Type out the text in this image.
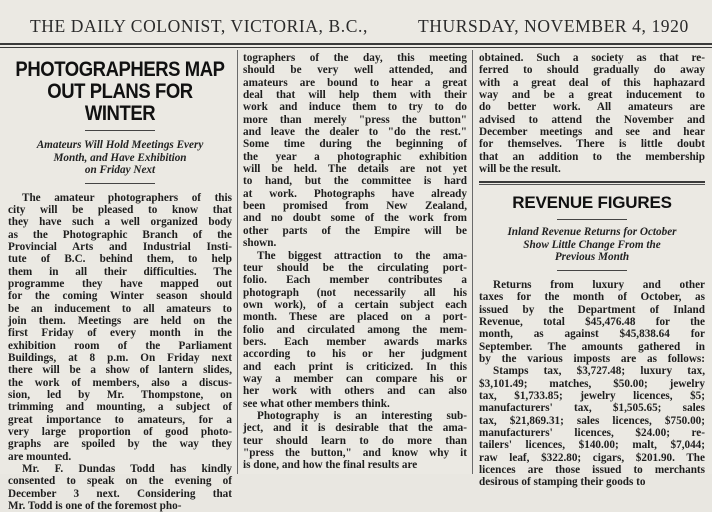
THE DAILY COLONIST, VICTORIA, B.C.,	THURSDAY, NOVEMBER 4, 1920
PHOTOGRAPHERS MAP
OUT PLANS FOR WINTER
Amateurs Will Hold Meetings Every
Month, and Have Exhibition
on Friday Next
The amateur photographers of this
city will be pleased to know that
they have such a well organized body
as the Photographic Branch of the
Provincial Arts and Industrial Insti-
tute of B.C. behind them, to help
them in all their difficulties. The
programme they have mapped out
for the coming Winter season should
be an inducement to all amateurs to
join them. Meetings are held on the
first Friday of every month in the
exhibition room of the Parliament
Buildings, at 8 p.m. On Friday next
there will be a show of lantern slides,
the work of members, also a discus-
sion, led by Mr. Thompstone, on
trimming and mounting, a subject of
great importance to amateurs, for a
very large proportion of good photo-
graphs are spoiled by the way they
are mounted.
Mr. F. Dundas Todd has kindly
consented to speak on the evening of
December 3 next. Considering that
Mr. Todd is one of the foremost pho-
tographers of the day, this meeting
should be very well attended, and
amateurs are bound to hear a great
deal that will help them with their
work and induce them to try to do
more than merely "press the button"
and leave the dealer to "do the rest."
Some time during the beginning of
the year a photographic exhibition
will be held. The details are not yet
to hand, but the committee is hard
at work. Photographs have already
been promised from New Zealand,
and no doubt some of the work from
other parts of the Empire will be
shown.
The biggest attraction to the ama-
teur should be the circulating port-
folio. Each member contributes a
photograph (not necessarily all his
own work), of a certain subject each
month. These are placed on a port-
folio and circulated among the mem-
bers. Each member awards marks
according to his or her judgment
and each print is criticized. In this
way a member can compare his or
her work with others and can also
see what other members think.
Photography is an interesting sub-
ject, and it is desirable that the ama-
teur should learn to do more than
"press the button," and know why it
is done, and how the final results are
obtained. Such a society as that re-
ferred to should gradually do away
with a great deal of this haphazard
way and be a great inducement to
do better work. All amateurs are
advised to attend the November and
December meetings and see and hear
for themselves. There is little doubt
that an addition to the membership
will be the result.
REVENUE FIGURES
Inland Revenue Returns for October
Show Little Change From the
Previous Month
Returns from luxury and other
taxes for the month of October, as
issued by the Department of Inland
Revenue, total $45,476.48 for the
month, as against $45,838.64 for
September. The amounts gathered in
by the various imposts are as follows:
Stamps tax, $3,727.48; luxury tax,
$3,101.49; matches, $50.00; jewelry
tax, $1,733.85; jewelry licences, $5;
manufacturers' tax, $1,505.65; sales
tax, $21,869.31; sales licences, $750.00;
manufacturers' licences, $24.00; re-
tailers' licences, $140.00; malt, $7,044;
raw leaf, $322.80; cigars, $201.90. The
licences are those issued to merchants
desirous of stamping their goods to
